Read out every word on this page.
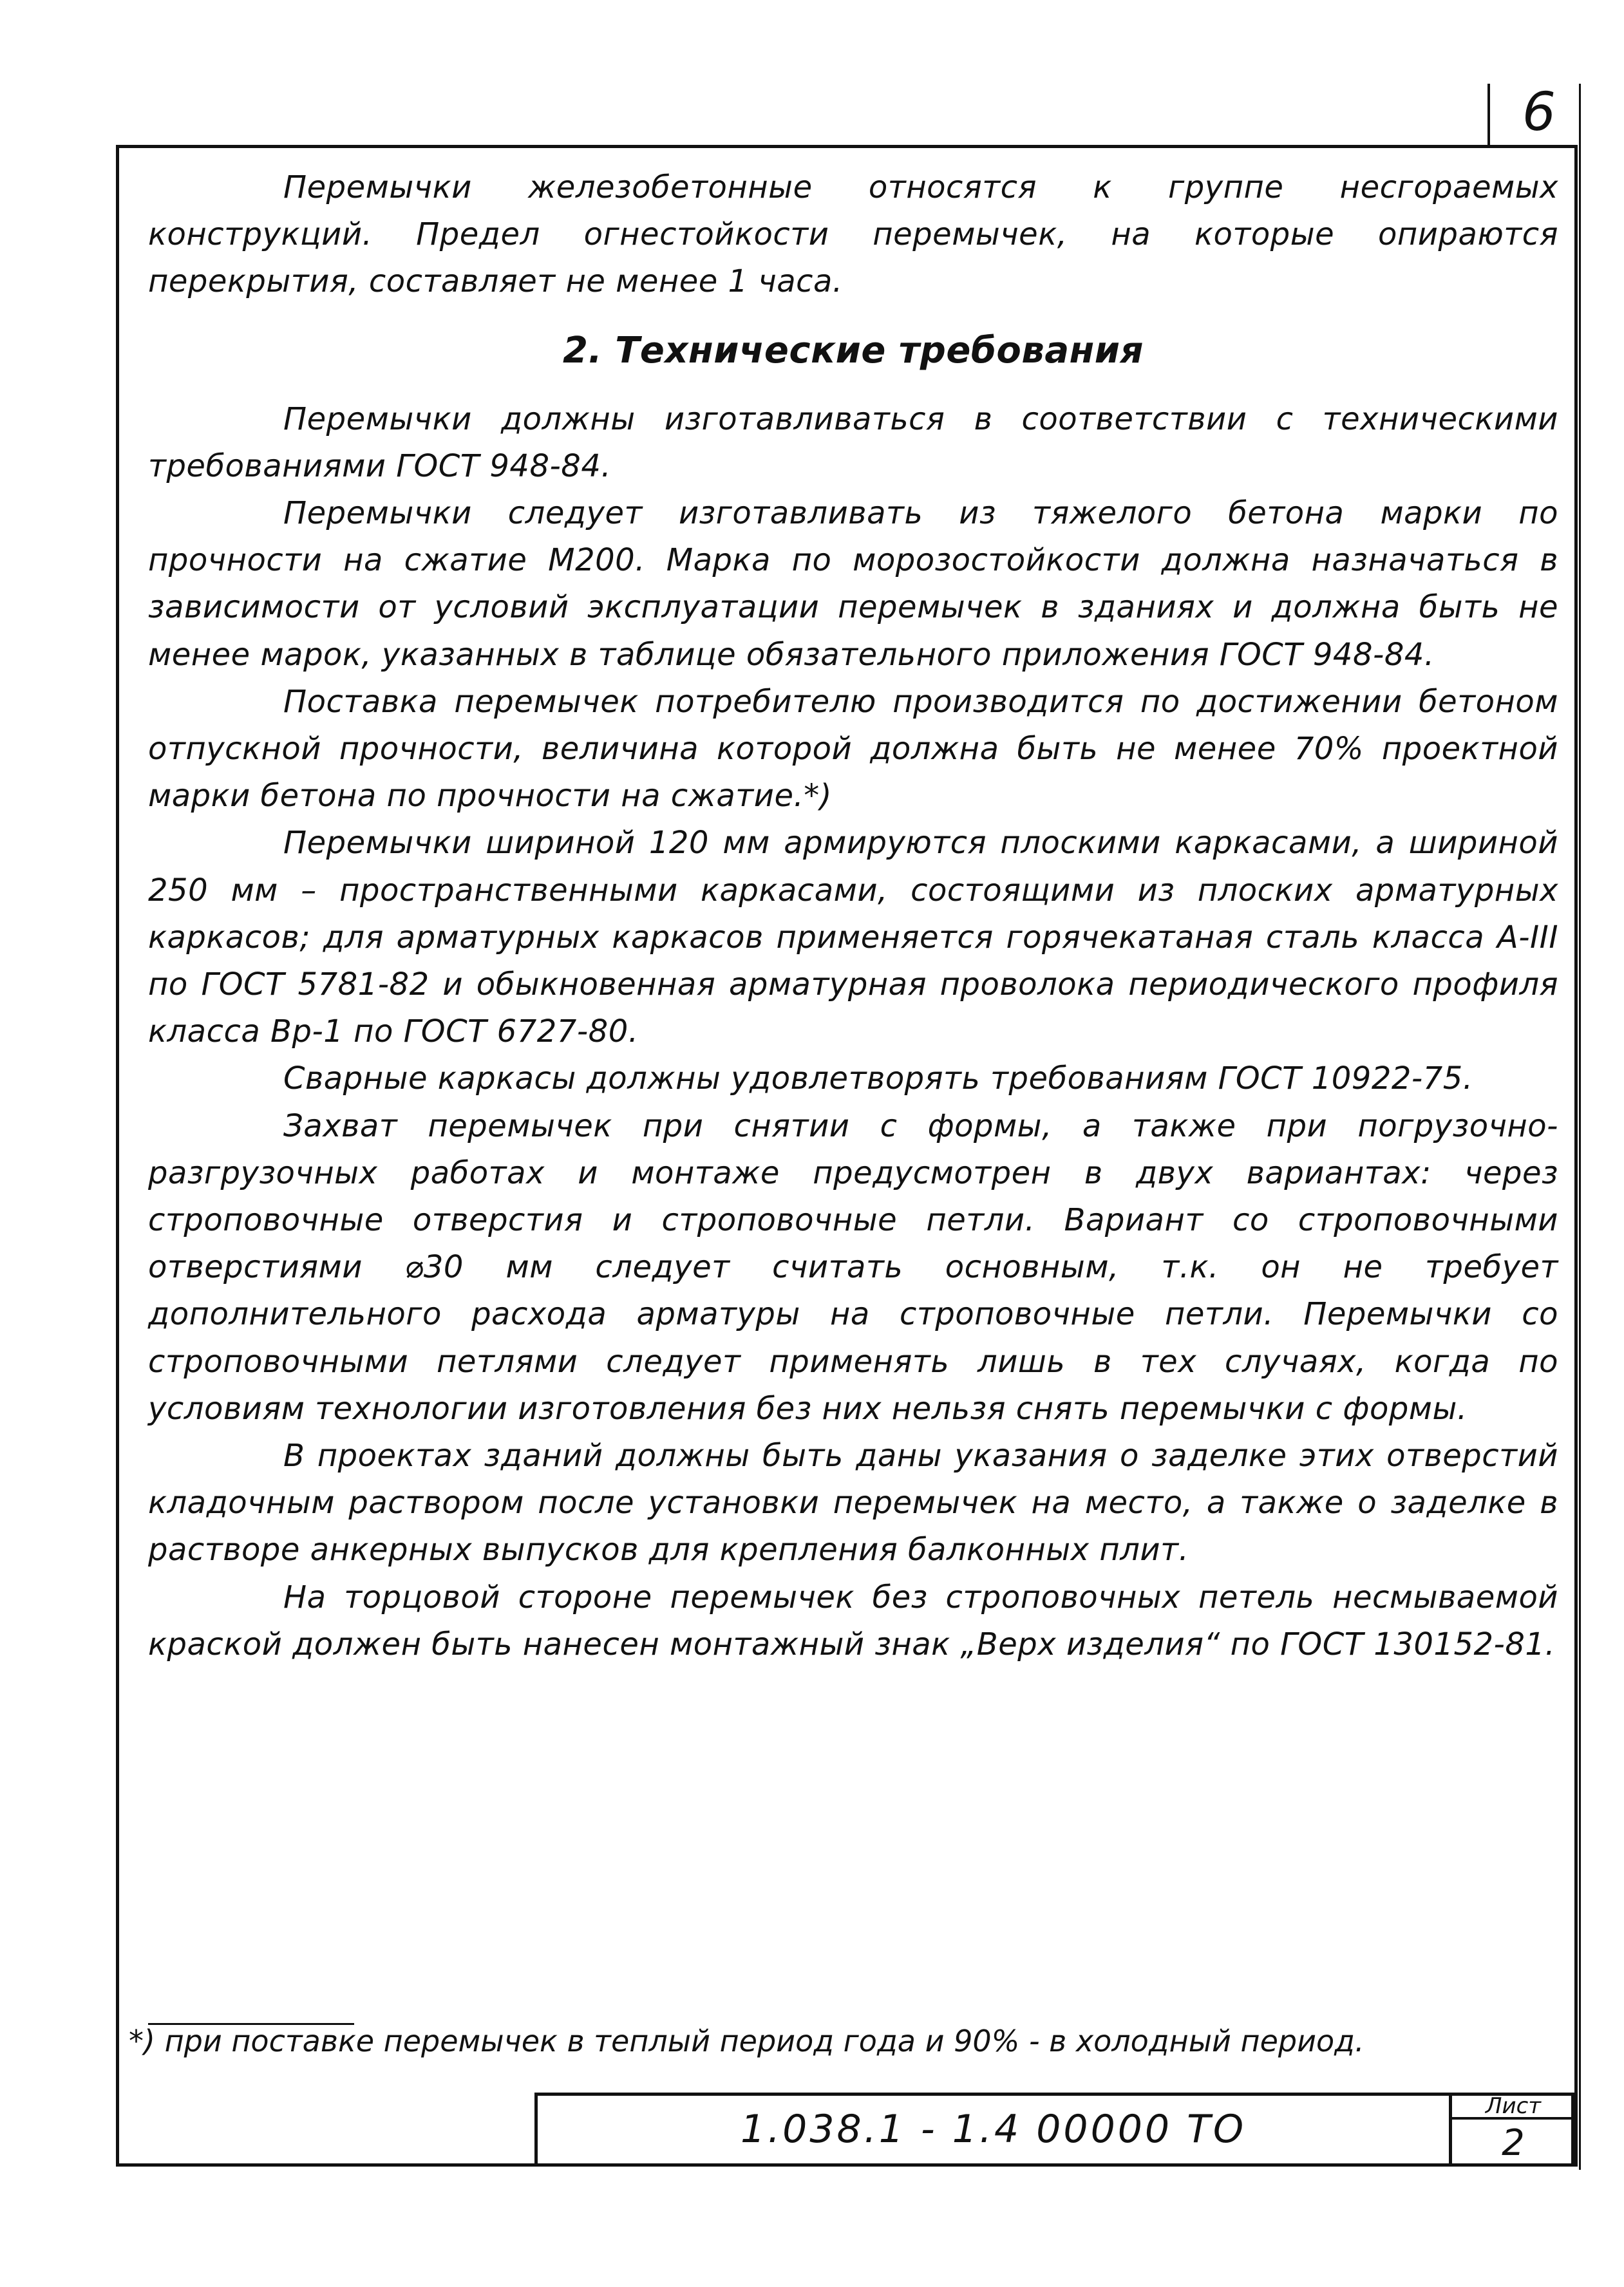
6

Перемычки железобетонные относятся к группе несгораемых конструкций. Предел огнестойкости перемычек, на которые опираются перекрытия, составляет не менее 1 часа.

2. Технические требования

Перемычки должны изготавливаться в соответствии с техническими требованиями ГОСТ 948-84.

Перемычки следует изготавливать из тяжелого бетона марки по прочности на сжатие М200. Марка по морозостойкости должна назначаться в зависимости от условий эксплуатации перемычек в зданиях и должна быть не менее марок, указанных в таблице обязательного приложения ГОСТ 948-84.

Поставка перемычек потребителю производится по достижении бетоном отпускной прочности, величина которой должна быть не менее 70% проектной марки бетона по прочности на сжатие.*)

Перемычки шириной 120 мм армируются плоскими каркасами, а шириной 250 мм – пространственными каркасами, состоящими из плоских арматурных каркасов; для арматурных каркасов применяется горячекатаная сталь класса А-III по ГОСТ 5781-82 и обыкновенная арматурная проволока периодического профиля класса Вр-1 по ГОСТ 6727-80.

Сварные каркасы должны удовлетворять требованиям ГОСТ 10922-75.

Захват перемычек при снятии с формы, а также при погрузочно-разгрузочных работах и монтаже предусмотрен в двух вариантах: через строповочные отверстия и строповочные петли. Вариант со строповочными отверстиями ⌀30 мм следует считать основным, т.к. он не требует дополнительного расхода арматуры на строповочные петли. Перемычки со строповочными петлями следует применять лишь в тех случаях, когда по условиям технологии изготовления без них нельзя снять перемычки с формы.

В проектах зданий должны быть даны указания о заделке этих отверстий кладочным раствором после установки перемычек на место, а также о заделке в растворе анкерных выпусков для крепления балконных плит.

На торцовой стороне перемычек без строповочных петель несмываемой краской должен быть нанесен монтажный знак „Верх изделия“ по ГОСТ 130152-81.

*) при поставке перемычек в теплый период года и 90% - в холодный период.
1.038.1 - 1.4 00000 ТО
Лист
2
